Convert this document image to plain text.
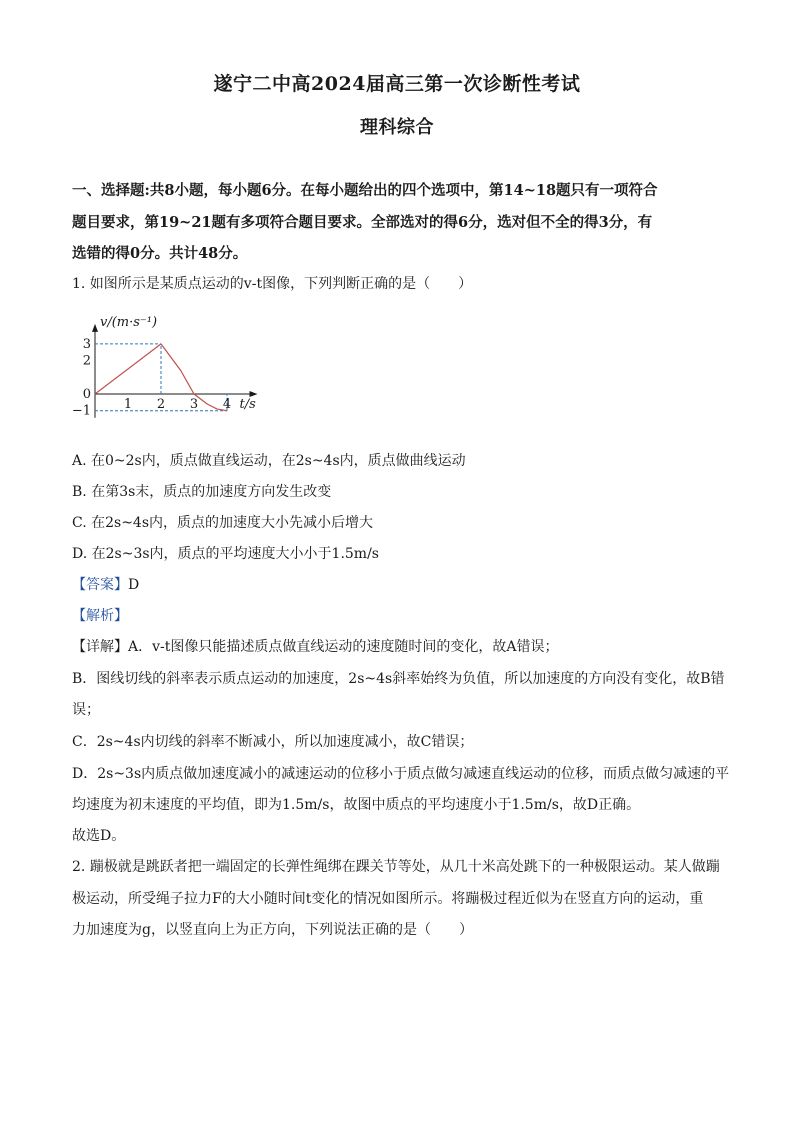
遂宁二中高2024届高三第一次诊断性考试
理科综合
一、选择题:共8小题，每小题6分。在每小题给出的四个选项中，第14~18题只有一项符合
题目要求，第19~21题有多项符合题目要求。全部选对的得6分，选对但不全的得3分，有
选错的得0分。共计48分。
1. 如图所示是某质点运动的v-t图像，下列判断正确的是（　　）
1 2 3 4
3
2
0
−1
v/(m·s⁻¹)
t/s
A. 在0~2s内，质点做直线运动，在2s~4s内，质点做曲线运动
B. 在第3s末，质点的加速度方向发生改变
C. 在2s~4s内，质点的加速度大小先减小后增大
D. 在2s~3s内，质点的平均速度大小小于1.5m/s
【答案】D
【解析】
【详解】A．v-t图像只能描述质点做直线运动的速度随时间的变化，故A错误；
B．图线切线的斜率表示质点运动的加速度，2s~4s斜率始终为负值，所以加速度的方向没有变化，故B错
误；
C．2s~4s内切线的斜率不断减小，所以加速度减小，故C错误；
D．2s~3s内质点做加速度减小的减速运动的位移小于质点做匀减速直线运动的位移，而质点做匀减速的平
均速度为初末速度的平均值，即为1.5m/s，故图中质点的平均速度小于1.5m/s，故D正确。
故选D。
2. 蹦极就是跳跃者把一端固定的长弹性绳绑在踝关节等处，从几十米高处跳下的一种极限运动。某人做蹦
极运动，所受绳子拉力F的大小随时间t变化的情况如图所示。将蹦极过程近似为在竖直方向的运动，重
力加速度为g，以竖直向上为正方向，下列说法正确的是（　　）
